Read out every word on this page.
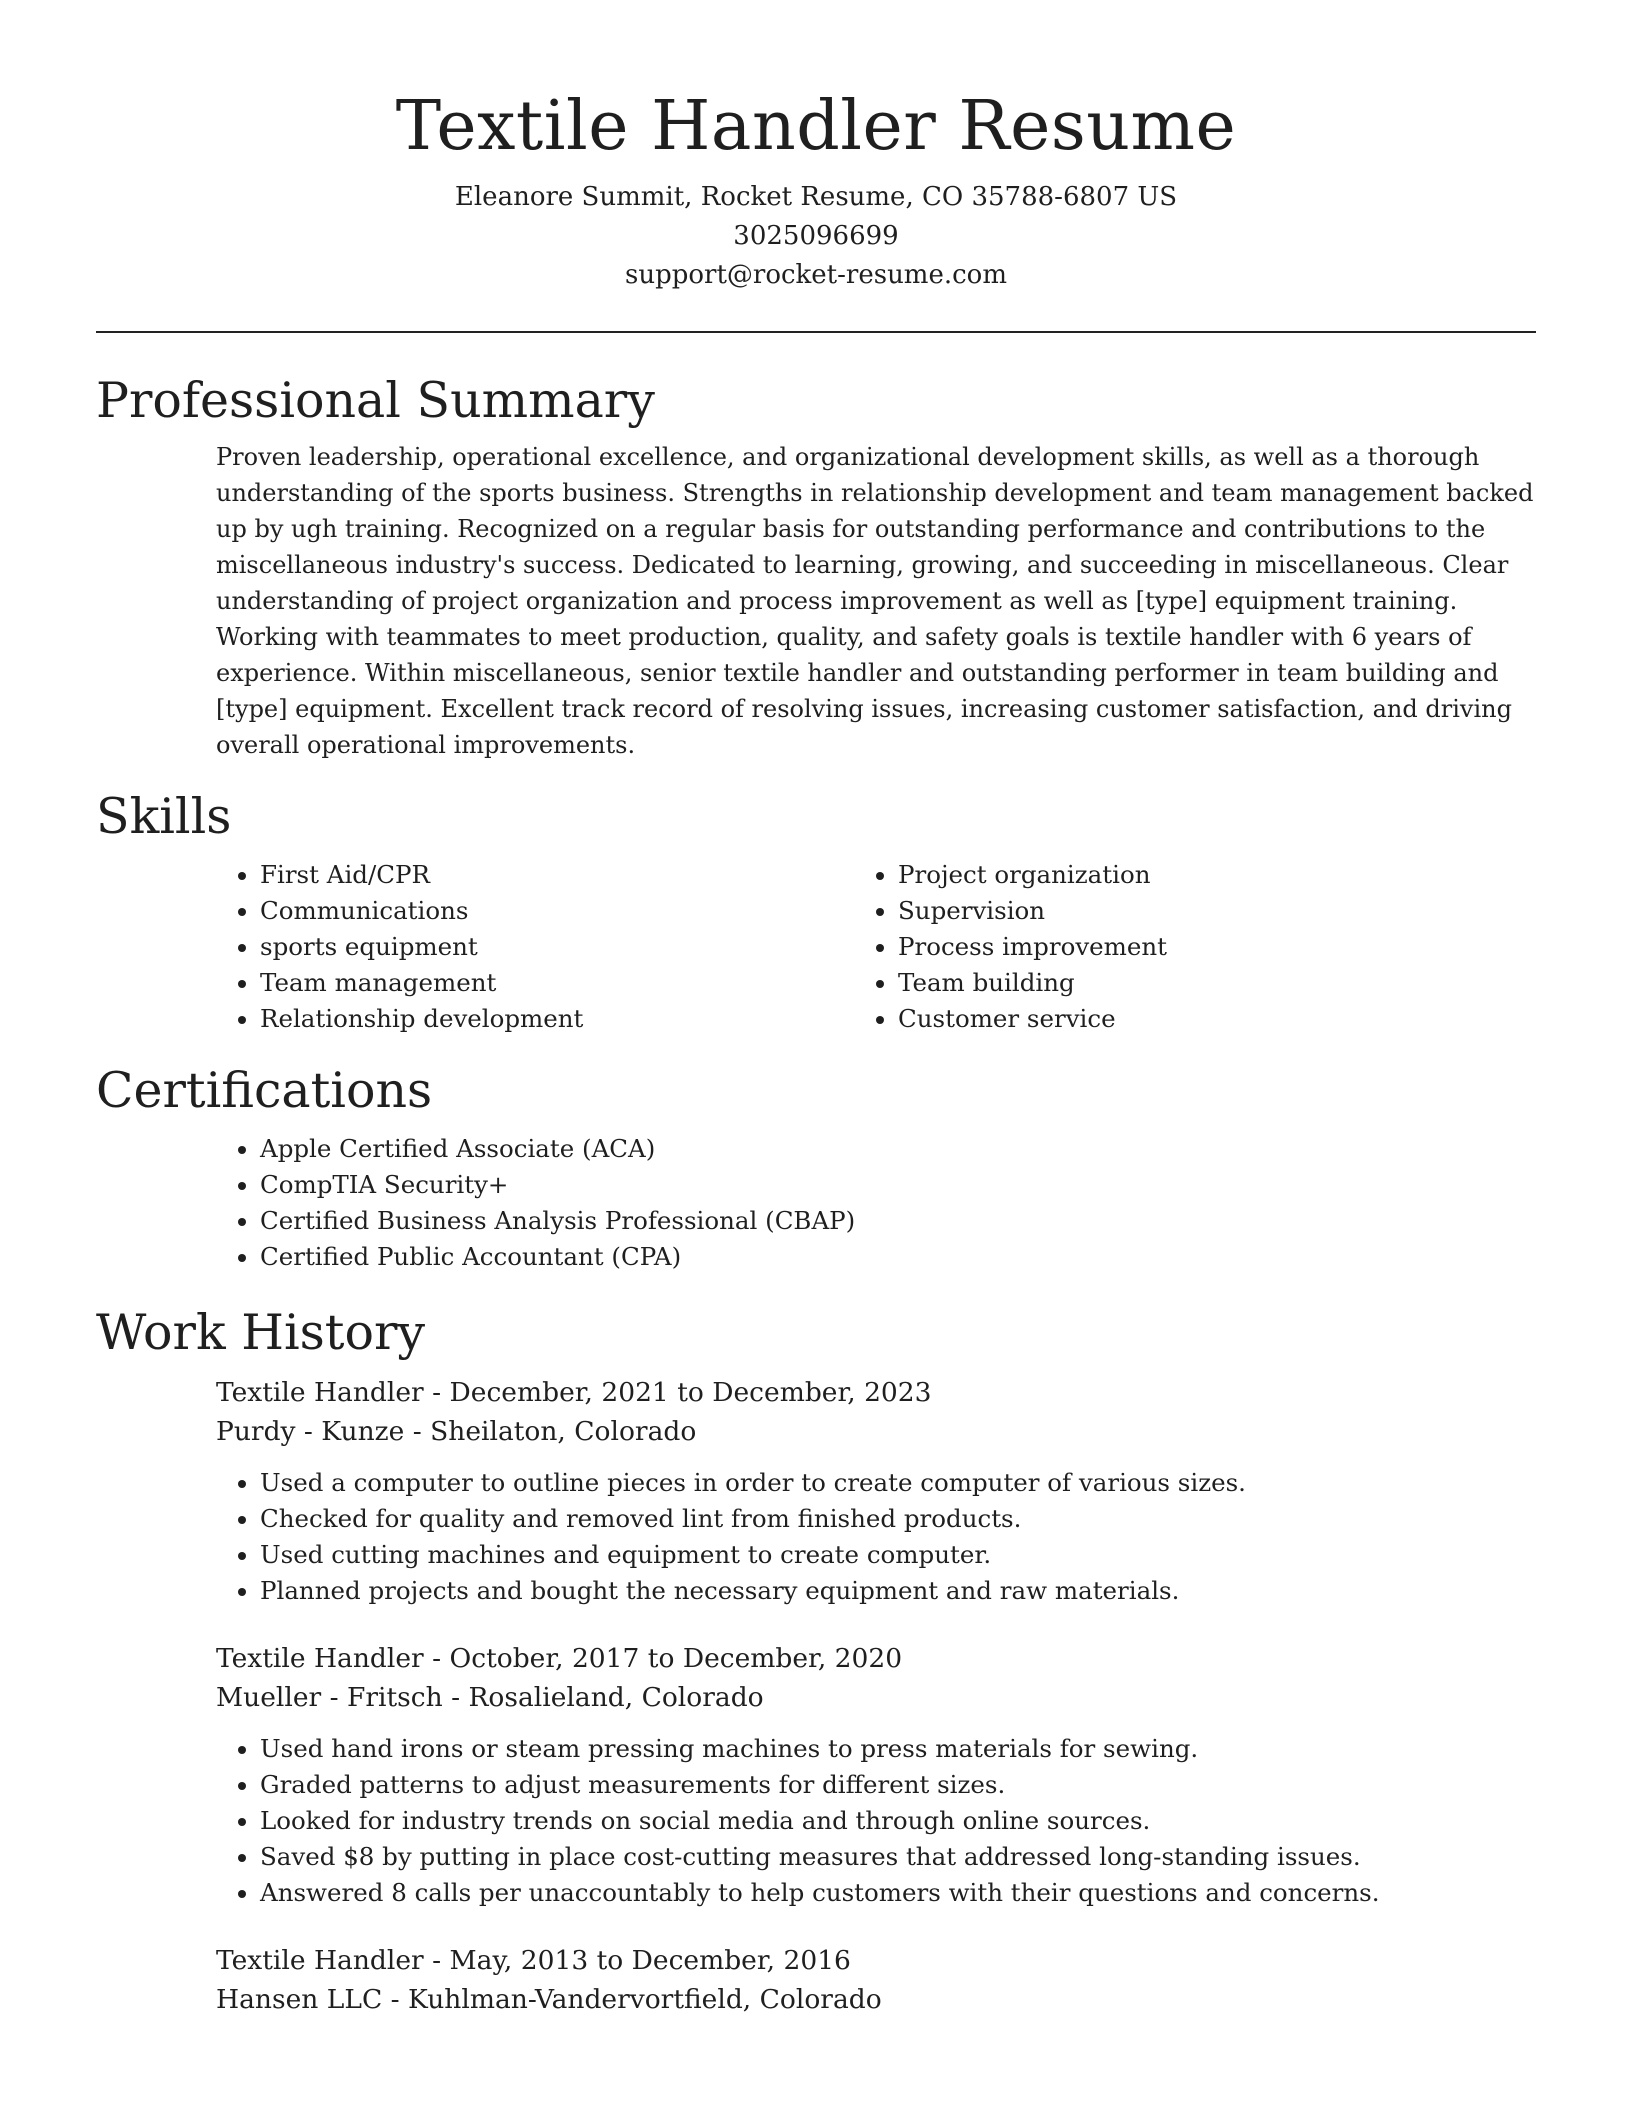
Textile Handler Resume
Eleanore Summit, Rocket Resume, CO 35788-6807 US
3025096699
support@rocket-resume.com
Professional Summary

Proven leadership, operational excellence, and organizational development skills, as well as a thorough understanding of the sports business. Strengths in relationship development and team management backed up by ugh training. Recognized on a regular basis for outstanding performance and contributions to the miscellaneous industry's success. Dedicated to learning, growing, and succeeding in miscellaneous. Clear understanding of project organization and process improvement as well as [type] equipment training. Working with teammates to meet production, quality, and safety goals is textile handler with 6 years of experience. Within miscellaneous, senior textile handler and outstanding performer in team building and [type] equipment. Excellent track record of resolving issues, increasing customer satisfaction, and driving overall operational improvements.

Skills
• First Aid/CPR
• Communications
• sports equipment
• Team management
• Relationship development
• Project organization
• Supervision
• Process improvement
• Team building
• Customer service
Certifications
• Apple Certified Associate (ACA)
• CompTIA Security+
• Certified Business Analysis Professional (CBAP)
• Certified Public Accountant (CPA)
Work History
Textile Handler - December, 2021 to December, 2023
Purdy - Kunze - Sheilaton, Colorado
• Used a computer to outline pieces in order to create computer of various sizes.
• Checked for quality and removed lint from finished products.
• Used cutting machines and equipment to create computer.
• Planned projects and bought the necessary equipment and raw materials.
Textile Handler - October, 2017 to December, 2020
Mueller - Fritsch - Rosalieland, Colorado
• Used hand irons or steam pressing machines to press materials for sewing.
• Graded patterns to adjust measurements for different sizes.
• Looked for industry trends on social media and through online sources.
• Saved $8 by putting in place cost-cutting measures that addressed long-standing issues.
• Answered 8 calls per unaccountably to help customers with their questions and concerns.
Textile Handler - May, 2013 to December, 2016
Hansen LLC - Kuhlman-Vandervortfield, Colorado
